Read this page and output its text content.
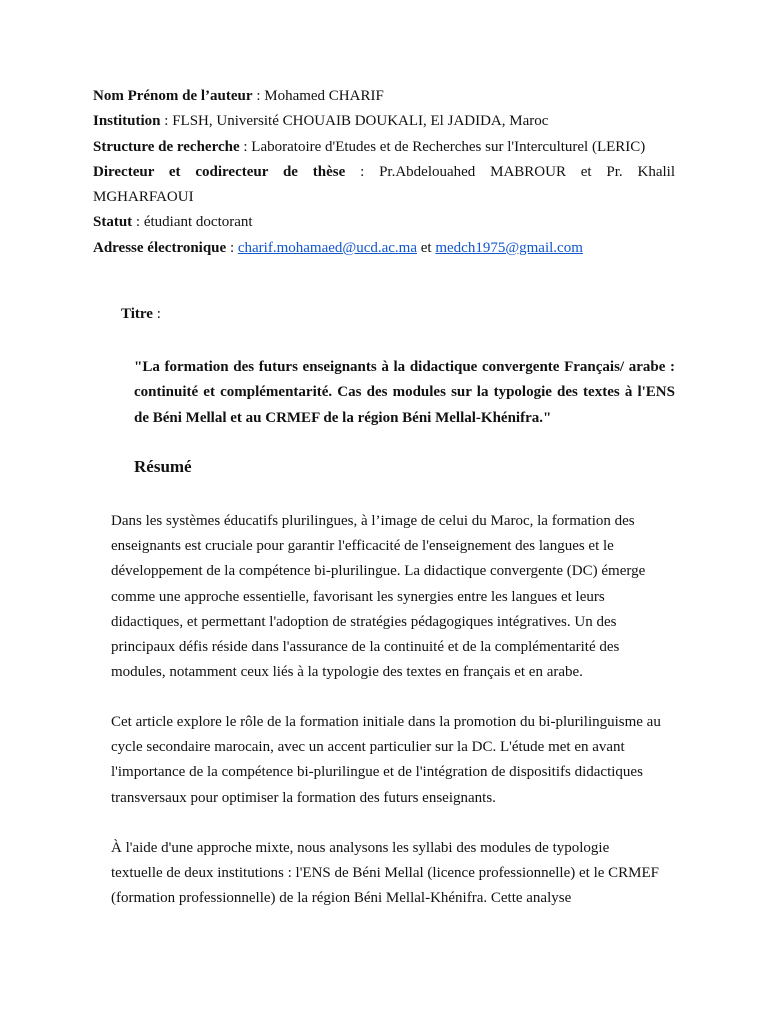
Nom Prénom de l’auteur : Mohamed CHARIF

Institution : FLSH, Université CHOUAIB DOUKALI, El JADIDA, Maroc

Structure de recherche : Laboratoire d'Etudes et de Recherches sur l'Interculturel (LERIC)

Directeur et codirecteur de thèse : Pr.Abdelouahed MABROUR et Pr. Khalil

MGHARFAOUI

Statut : étudiant doctorant

Adresse électronique : charif.mohamaed@ucd.ac.ma et medch1975@gmail.com

Titre :
"La formation des futurs enseignants à la didactique convergente Français/ arabe : continuité et complémentarité. Cas des modules sur la typologie des textes à l'ENS de Béni Mellal et au CRMEF de la région Béni Mellal-Khénifra."
Résumé

Dans les systèmes éducatifs plurilingues, à l’image de celui du Maroc, la formation des enseignants est cruciale pour garantir l'efficacité de l'enseignement des langues et le développement de la compétence bi-plurilingue. La didactique convergente (DC) émerge comme une approche essentielle, favorisant les synergies entre les langues et leurs didactiques, et permettant l'adoption de stratégies pédagogiques intégratives. Un des principaux défis réside dans l'assurance de la continuité et de la complémentarité des modules, notamment ceux liés à la typologie des textes en français et en arabe.

Cet article explore le rôle de la formation initiale dans la promotion du bi-plurilinguisme au cycle secondaire marocain, avec un accent particulier sur la DC. L'étude met en avant l'importance de la compétence bi-plurilingue et de l'intégration de dispositifs didactiques transversaux pour optimiser la formation des futurs enseignants.

À l'aide d'une approche mixte, nous analysons les syllabi des modules de typologie textuelle de deux institutions : l'ENS de Béni Mellal (licence professionnelle) et le CRMEF (formation professionnelle) de la région Béni Mellal-Khénifra. Cette analyse
